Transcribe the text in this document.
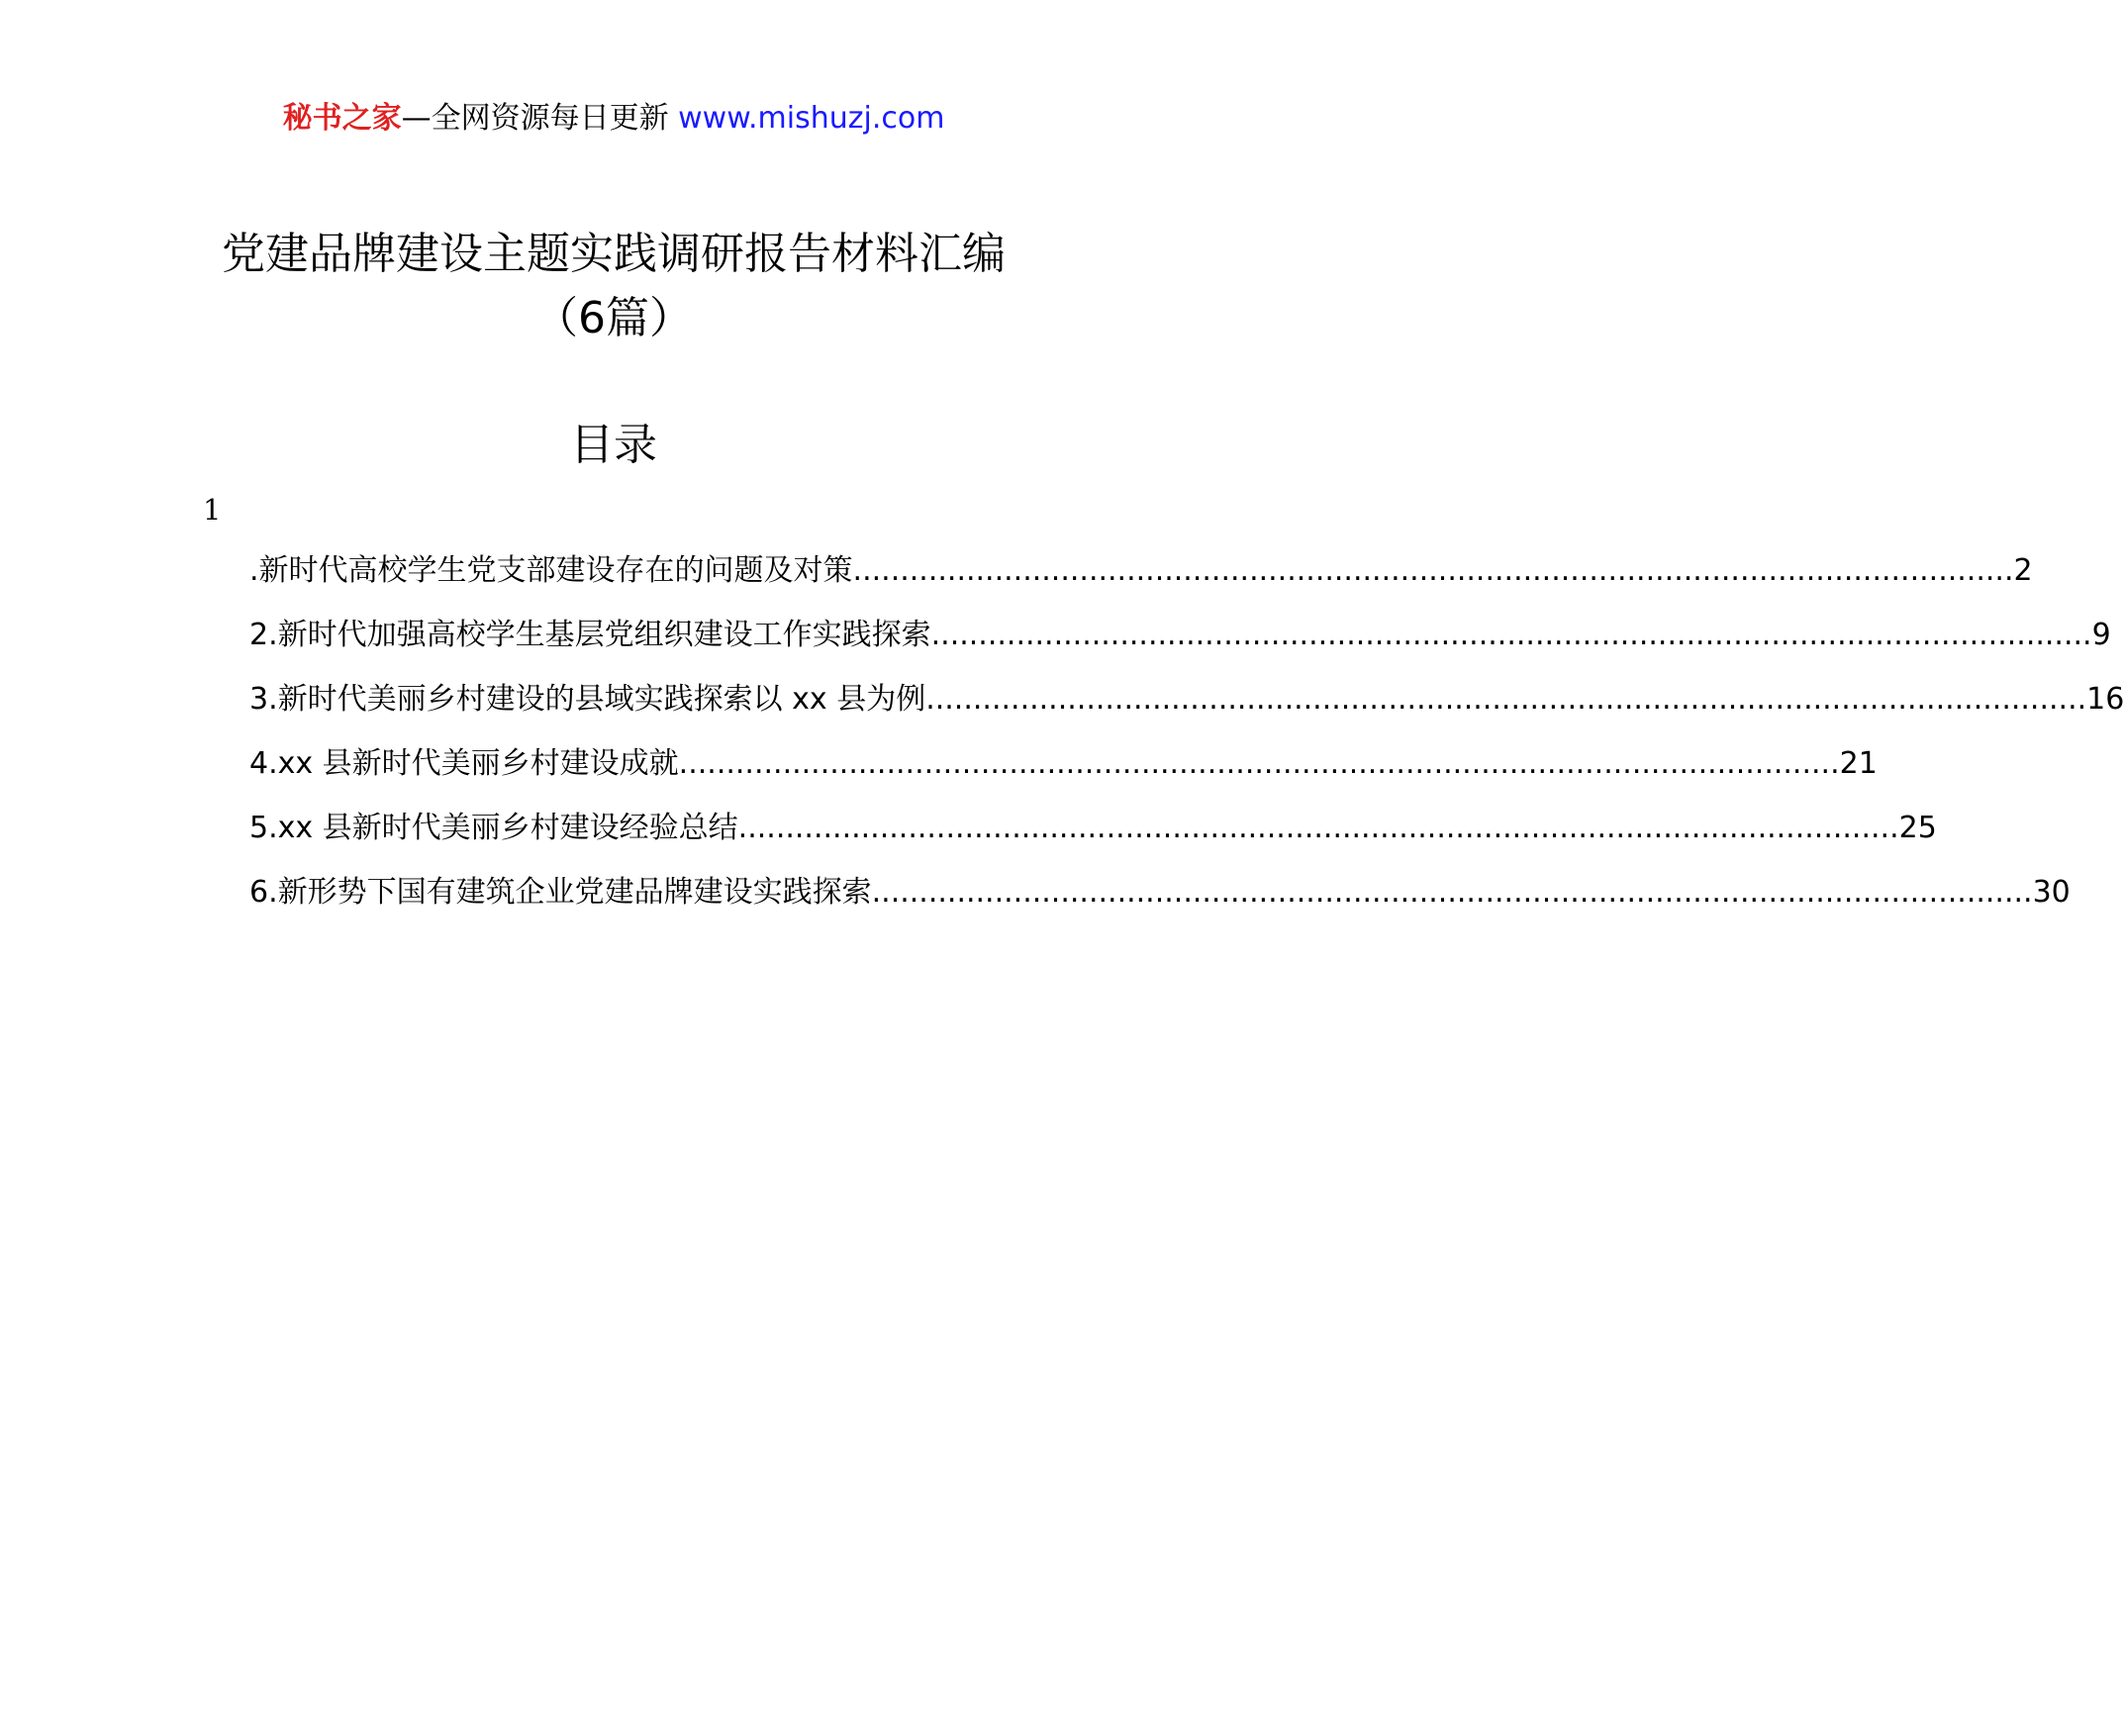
秘书之家—全网资源每日更新 www.mishuzj.com
党建品牌建设主题实践调研报告材料汇编
（6篇）
目录
1
.新时代高校学生党支部建设存在的问题及对策 .....	2
2.新时代加强高校学生基层党组织建设工作实践探索 .....	9
3.新时代美丽乡村建设的县域实践探索以 xx 县为例 .....	16
4.xx 县新时代美丽乡村建设成就 .....	21
5.xx 县新时代美丽乡村建设经验总结 .....	25
6.新形势下国有建筑企业党建品牌建设实践探索 .....	30
